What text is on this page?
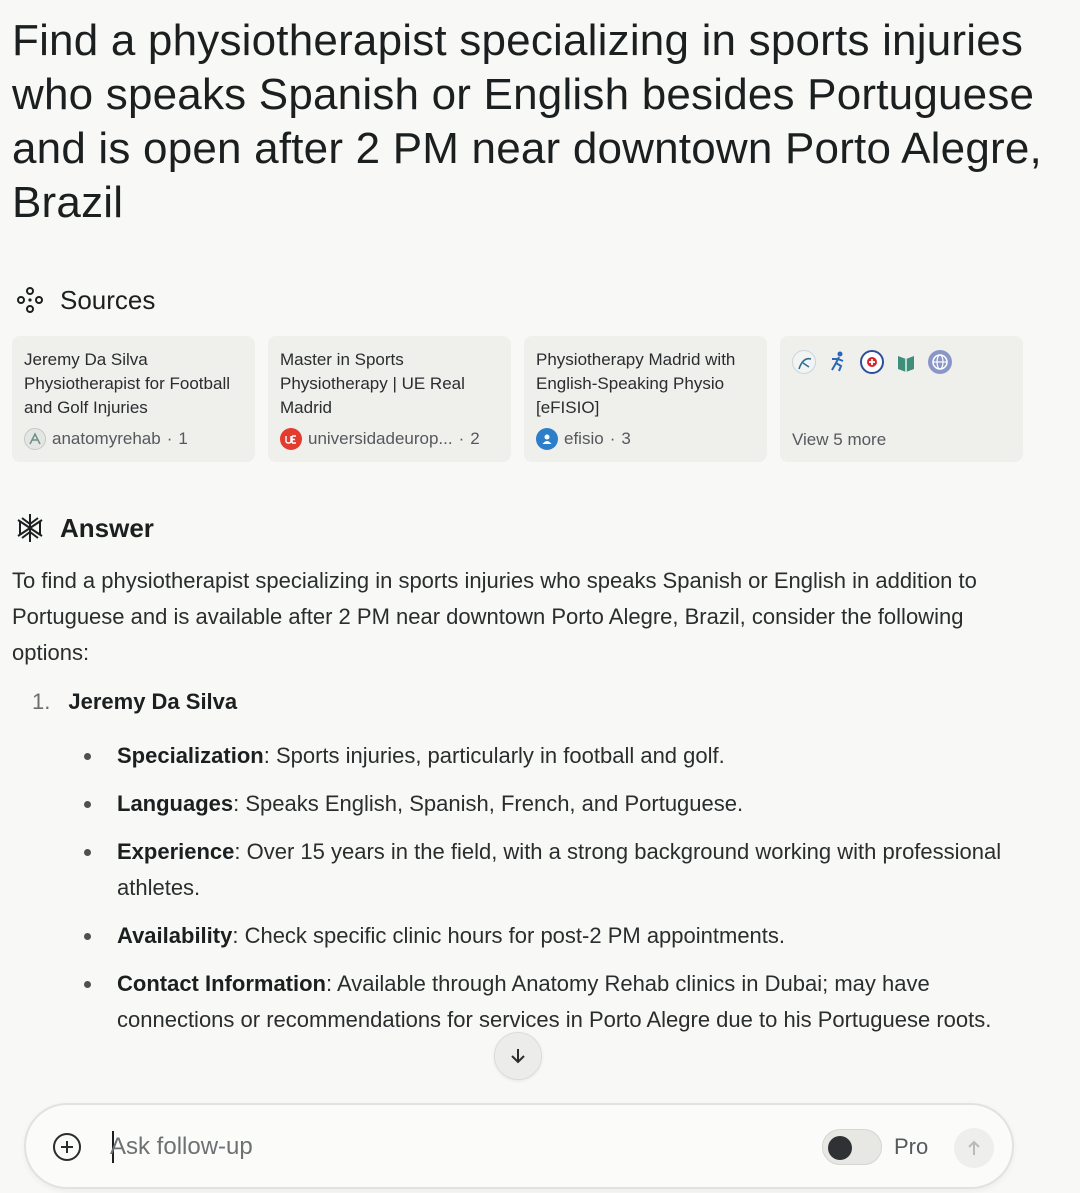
Find a physiotherapist specializing in sports injuries who speaks Spanish or English besides Portuguese and is open after 2 PM near downtown Porto Alegre, Brazil
Sources
Jeremy Da Silva Physiotherapist for Football and Golf Injuries
anatomyrehab · 1
Master in Sports Physiotherapy | UE Real Madrid
universidadeurop... · 2
Physiotherapy Madrid with English-Speaking Physio [eFISIO]
efisio · 3	View 5 more
Answer

To find a physiotherapist specializing in sports injuries who speaks Spanish or English in addition to Portuguese and is available after 2 PM near downtown Porto Alegre, Brazil, consider the following options:

1. Jeremy Da Silva
Specialization: Sports injuries, particularly in football and golf.
Languages: Speaks English, Spanish, French, and Portuguese.
Experience: Over 15 years in the field, with a strong background working with professional athletes.
Availability: Check specific clinic hours for post-2 PM appointments.
Contact Information: Available through Anatomy Rehab clinics in Dubai; may have connections or recommendations for services in Porto Alegre due to his Portuguese roots.
Ask follow-up
Pro
